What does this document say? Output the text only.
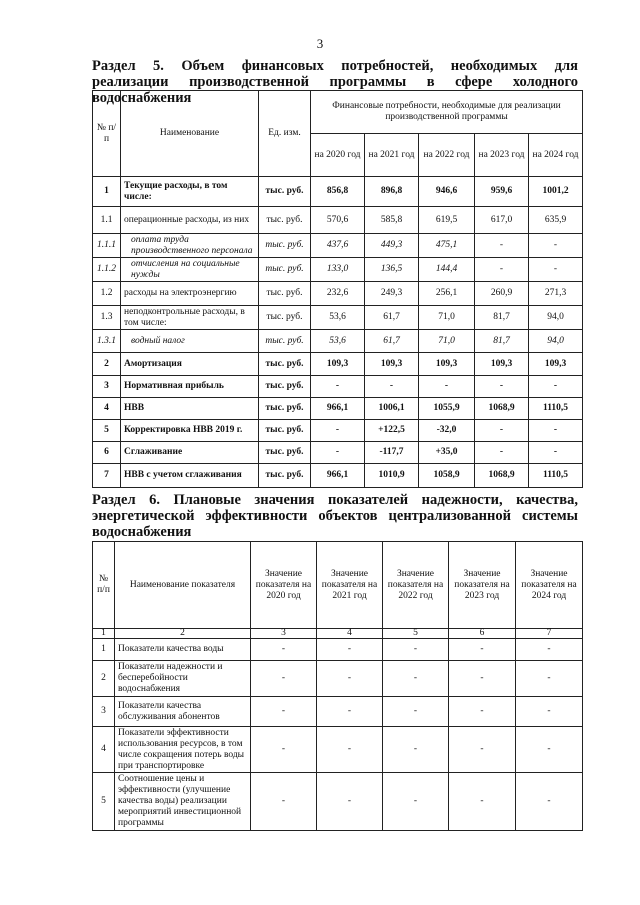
3
Раздел 5. Объем финансовых потребностей, необходимых для
реализации производственной программы в сфере холодного водоснабжения
№ п/п	Наименование	Ед. изм.	Финансовые потребности, необходимые для реализации производственной программы				
			на 2020 год	на 2021 год	на 2022 год	на 2023 год	на 2024 год
1	Текущие расходы, в том числе:	тыс. руб.	856,8	896,8	946,6	959,6	1001,2
1.1	операционные расходы, из них	тыс. руб.	570,6	585,8	619,5	617,0	635,9
1.1.1	оплата труда производственного персонала	тыс. руб.	437,6	449,3	475,1	-	-
1.1.2	отчисления на социальные нужды	тыс. руб.	133,0	136,5	144,4	-	-
1.2	расходы на электроэнергию	тыс. руб.	232,6	249,3	256,1	260,9	271,3
1.3	неподконтрольные расходы, в том числе:	тыс. руб.	53,6	61,7	71,0	81,7	94,0
1.3.1	водный налог	тыс. руб.	53,6	61,7	71,0	81,7	94,0
2	Амортизация	тыс. руб.	109,3	109,3	109,3	109,3	109,3
3	Нормативная прибыль	тыс. руб.	-	-	-	-	-
4	НВВ	тыс. руб.	966,1	1006,1	1055,9	1068,9	1110,5
5	Корректировка НВВ 2019 г.	тыс. руб.	-	+122,5	-32,0	-	-
6	Сглаживание	тыс. руб.	-	-117,7	+35,0	-	-
7	НВВ с учетом сглаживания	тыс. руб.	966,1	1010,9	1058,9	1068,9	1110,5
Раздел 6. Плановые значения показателей надежности, качества,
энергетической эффективности объектов централизованной системы
водоснабжения
№ п/п	Наименование показателя	Значение показателя на 2020 год	Значение показателя на 2021 год	Значение показателя на 2022 год	Значение показателя на 2023 год	Значение показателя на 2024 год
1	2	3	4	5	6	7
1	Показатели качества воды	-	-	-	-	-
2	Показатели надежности и бесперебойности водоснабжения	-	-	-	-	-
3	Показатели качества обслуживания абонентов	-	-	-	-	-
4	Показатели эффективности использования ресурсов, в том числе сокращения потерь воды при транспортировке	-	-	-	-	-
5	Соотношение цены и эффективности (улучшение качества воды) реализации мероприятий инвестиционной программы	-	-	-	-	-
